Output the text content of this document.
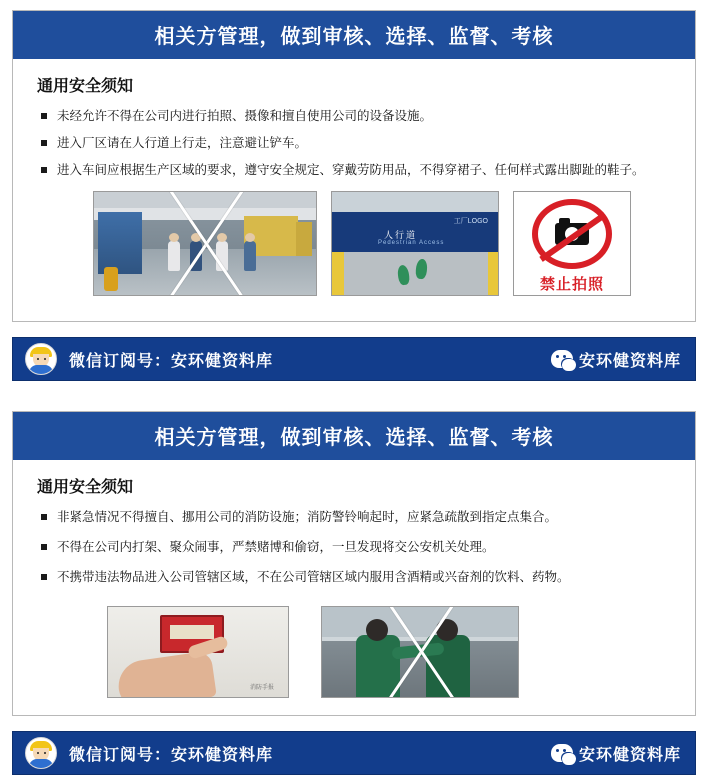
相关方管理，做到审核、选择、监督、考核
通用安全须知
未经允许不得在公司内进行拍照、摄像和擅自使用公司的设备设施。
进入厂区请在人行道上行走，注意避让铲车。
进入车间应根据生产区域的要求，遵守安全规定、穿戴劳防用品，不得穿裙子、任何样式露出脚趾的鞋子。
工厂LOGO
人行道
Pedestrian Access
禁止拍照
微信订阅号：安环健资料库	安环健资料库
相关方管理，做到审核、选择、监督、考核
通用安全须知
非紧急情况不得擅自、挪用公司的消防设施；消防警铃响起时，应紧急疏散到指定点集合。
不得在公司内打架、聚众闹事，严禁赌博和偷窃，一旦发现将交公安机关处理。
不携带违法物品进入公司管辖区域，不在公司管辖区域内服用含酒精或兴奋剂的饮料、药物。
消防手报
微信订阅号：安环健资料库	安环健资料库
